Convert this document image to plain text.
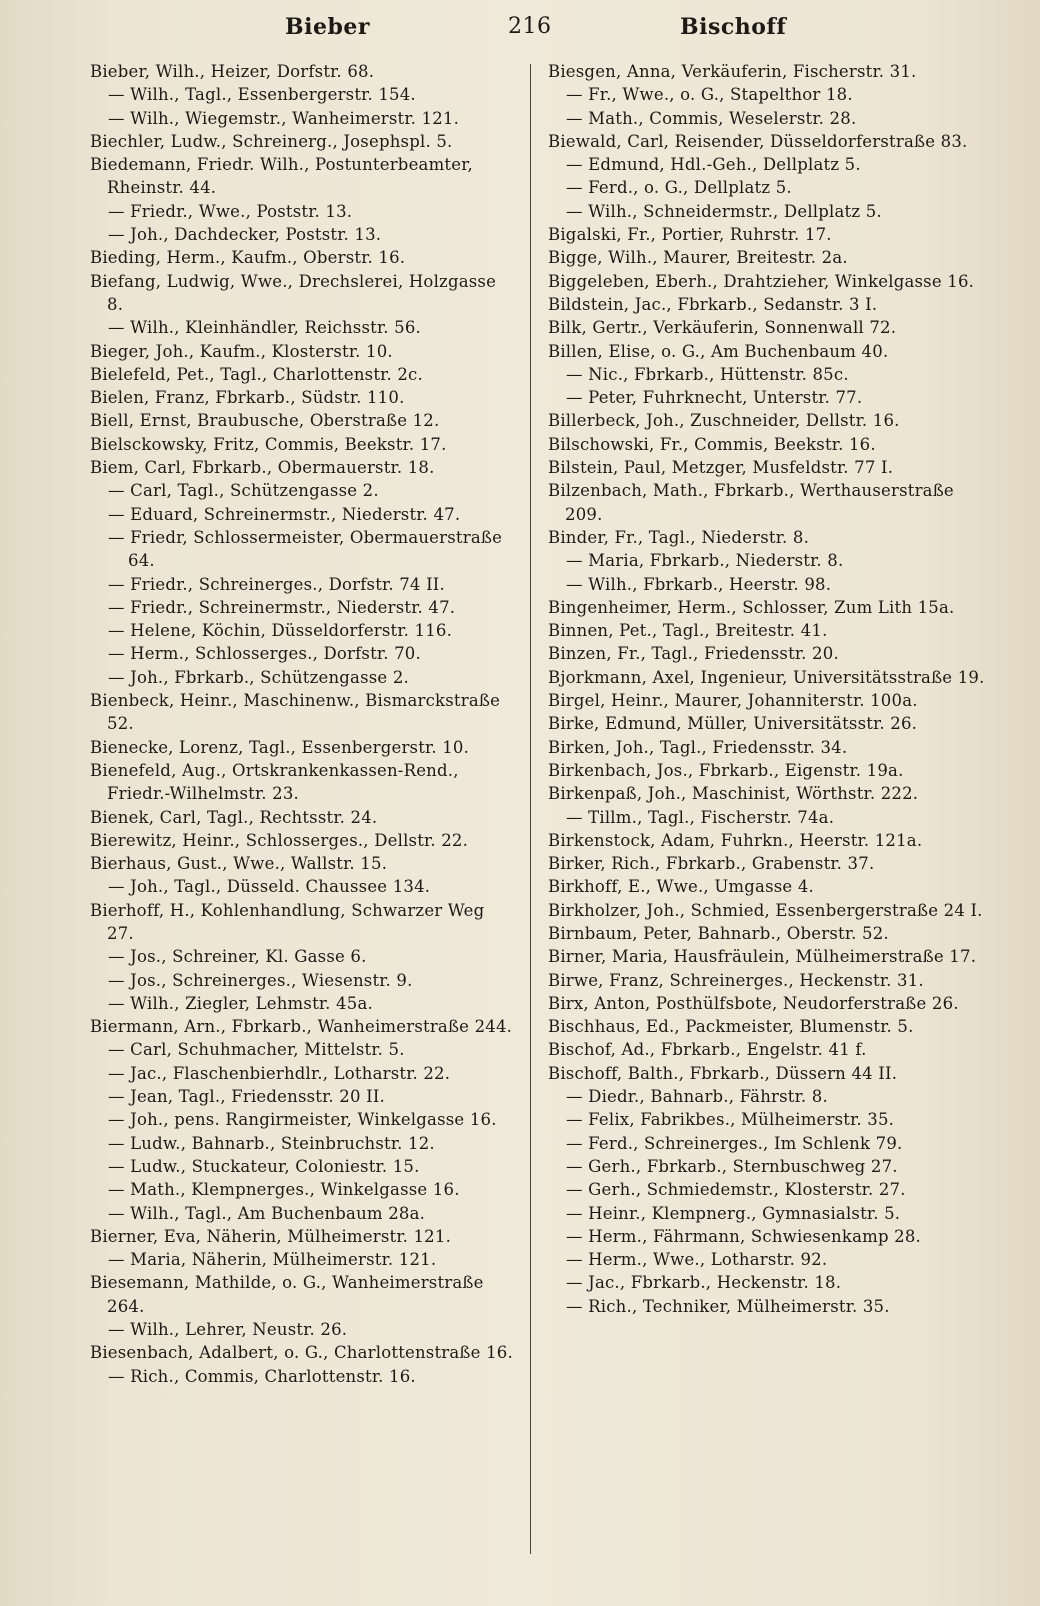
Bieber	216	Bischoff
Bieber, Wilh., Heizer, Dorfstr. 68.
— Wilh., Tagl., Essenbergerstr. 154.
— Wilh., Wiegemstr., Wanheimerstr. 121.
Biechler, Ludw., Schreinerg., Josephspl. 5.
Biedemann, Friedr. Wilh., Postunterbeamter, Rheinstr. 44.
— Friedr., Wwe., Poststr. 13.
— Joh., Dachdecker, Poststr. 13.
Bieding, Herm., Kaufm., Oberstr. 16.
Biefang, Ludwig, Wwe., Drechslerei, Holzgasse 8.
— Wilh., Kleinhändler, Reichsstr. 56.
Bieger, Joh., Kaufm., Klosterstr. 10.
Bielefeld, Pet., Tagl., Charlottenstr. 2c.
Bielen, Franz, Fbrkarb., Südstr. 110.
Biell, Ernst, Braubusche, Oberstraße 12.
Bielsckowsky, Fritz, Commis, Beekstr. 17.
Biem, Carl, Fbrkarb., Obermauerstr. 18.
— Carl, Tagl., Schützengasse 2.
— Eduard, Schreinermstr., Niederstr. 47.
— Friedr, Schlossermeister, Obermauerstraße 64.
— Friedr., Schreinerges., Dorfstr. 74 II.
— Friedr., Schreinermstr., Niederstr. 47.
— Helene, Köchin, Düsseldorferstr. 116.
— Herm., Schlosserges., Dorfstr. 70.
— Joh., Fbrkarb., Schützengasse 2.
Bienbeck, Heinr., Maschinenw., Bismarckstraße 52.
Bienecke, Lorenz, Tagl., Essenbergerstr. 10.
Bienefeld, Aug., Ortskrankenkassen-Rend., Friedr.-Wilhelmstr. 23.
Bienek, Carl, Tagl., Rechtsstr. 24.
Bierewitz, Heinr., Schlosserges., Dellstr. 22.
Bierhaus, Gust., Wwe., Wallstr. 15.
— Joh., Tagl., Düsseld. Chaussee 134.
Bierhoff, H., Kohlenhandlung, Schwarzer Weg 27.
— Jos., Schreiner, Kl. Gasse 6.
— Jos., Schreinerges., Wiesenstr. 9.
— Wilh., Ziegler, Lehmstr. 45a.
Biermann, Arn., Fbrkarb., Wanheimerstraße 244.
— Carl, Schuhmacher, Mittelstr. 5.
— Jac., Flaschenbierhdlr., Lotharstr. 22.
— Jean, Tagl., Friedensstr. 20 II.
— Joh., pens. Rangirmeister, Winkelgasse 16.
— Ludw., Bahnarb., Steinbruchstr. 12.
— Ludw., Stuckateur, Coloniestr. 15.
— Math., Klempnerges., Winkelgasse 16.
— Wilh., Tagl., Am Buchenbaum 28a.
Bierner, Eva, Näherin, Mülheimerstr. 121.
— Maria, Näherin, Mülheimerstr. 121.
Biesemann, Mathilde, o. G., Wanheimerstraße 264.
— Wilh., Lehrer, Neustr. 26.
Biesenbach, Adalbert, o. G., Charlottenstraße 16.
— Rich., Commis, Charlottenstr. 16.
Biesgen, Anna, Verkäuferin, Fischerstr. 31.
— Fr., Wwe., o. G., Stapelthor 18.
— Math., Commis, Weselerstr. 28.
Biewald, Carl, Reisender, Düsseldorferstraße 83.
— Edmund, Hdl.-Geh., Dellplatz 5.
— Ferd., o. G., Dellplatz 5.
— Wilh., Schneidermstr., Dellplatz 5.
Bigalski, Fr., Portier, Ruhrstr. 17.
Bigge, Wilh., Maurer, Breitestr. 2a.
Biggeleben, Eberh., Drahtzieher, Winkelgasse 16.
Bildstein, Jac., Fbrkarb., Sedanstr. 3 I.
Bilk, Gertr., Verkäuferin, Sonnenwall 72.
Billen, Elise, o. G., Am Buchenbaum 40.
— Nic., Fbrkarb., Hüttenstr. 85c.
— Peter, Fuhrknecht, Unterstr. 77.
Billerbeck, Joh., Zuschneider, Dellstr. 16.
Bilschowski, Fr., Commis, Beekstr. 16.
Bilstein, Paul, Metzger, Musfeldstr. 77 I.
Bilzenbach, Math., Fbrkarb., Werthauserstraße 209.
Binder, Fr., Tagl., Niederstr. 8.
— Maria, Fbrkarb., Niederstr. 8.
— Wilh., Fbrkarb., Heerstr. 98.
Bingenheimer, Herm., Schlosser, Zum Lith 15a.
Binnen, Pet., Tagl., Breitestr. 41.
Binzen, Fr., Tagl., Friedensstr. 20.
Bjorkmann, Axel, Ingenieur, Universitätsstraße 19.
Birgel, Heinr., Maurer, Johanniterstr. 100a.
Birke, Edmund, Müller, Universitätsstr. 26.
Birken, Joh., Tagl., Friedensstr. 34.
Birkenbach, Jos., Fbrkarb., Eigenstr. 19a.
Birkenpaß, Joh., Maschinist, Wörthstr. 222.
— Tillm., Tagl., Fischerstr. 74a.
Birkenstock, Adam, Fuhrkn., Heerstr. 121a.
Birker, Rich., Fbrkarb., Grabenstr. 37.
Birkhoff, E., Wwe., Umgasse 4.
Birkholzer, Joh., Schmied, Essenbergerstraße 24 I.
Birnbaum, Peter, Bahnarb., Oberstr. 52.
Birner, Maria, Hausfräulein, Mülheimerstraße 17.
Birwe, Franz, Schreinerges., Heckenstr. 31.
Birx, Anton, Posthülfsbote, Neudorferstraße 26.
Bischhaus, Ed., Packmeister, Blumenstr. 5.
Bischof, Ad., Fbrkarb., Engelstr. 41 f.
Bischoff, Balth., Fbrkarb., Düssern 44 II.
— Diedr., Bahnarb., Fährstr. 8.
— Felix, Fabrikbes., Mülheimerstr. 35.
— Ferd., Schreinerges., Im Schlenk 79.
— Gerh., Fbrkarb., Sternbuschweg 27.
— Gerh., Schmiedemstr., Klosterstr. 27.
— Heinr., Klempnerg., Gymnasialstr. 5.
— Herm., Fährmann, Schwiesenkamp 28.
— Herm., Wwe., Lotharstr. 92.
— Jac., Fbrkarb., Heckenstr. 18.
— Rich., Techniker, Mülheimerstr. 35.
